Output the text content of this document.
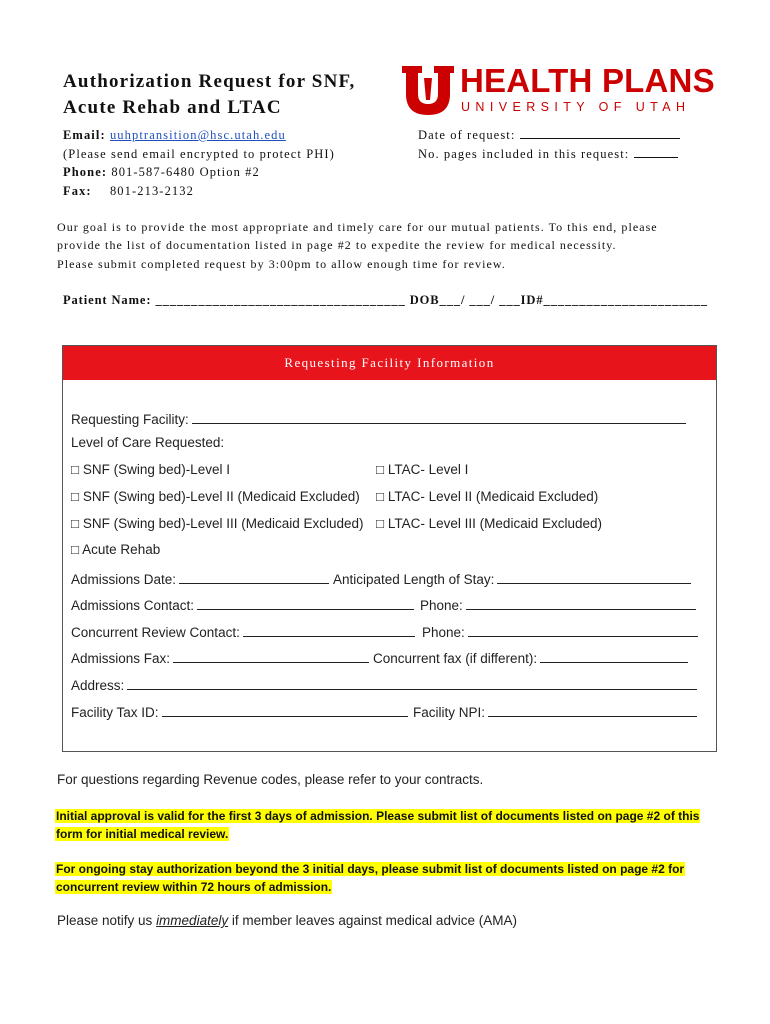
Authorization Request for SNF,
Acute Rehab and LTAC
HEALTH PLANS
UNIVERSITY OF UTAH
Email: uuhptransition@hsc.utah.edu
(Please send email encrypted to protect PHI)
Phone: 801-587-6480 Option #2
Fax: 801-213-2132
Date of request:
No. pages included in this request:
Our goal is to provide the most appropriate and timely care for our mutual patients. To this end, please
provide the list of documentation listed in page #2 to expedite the review for medical necessity.
Please submit completed request by 3:00pm to allow enough time for review.
Patient Name: ___________________________________ DOB___/ ___/ ___ID#_______________________
Requesting Facility Information
Requesting Facility:
Level of Care Requested:
□ SNF (Swing bed)-Level I	□ LTAC- Level I
□ SNF (Swing bed)-Level II (Medicaid Excluded) □ LTAC- Level II (Medicaid Excluded)
□ SNF (Swing bed)-Level III (Medicaid Excluded) □ LTAC- Level III (Medicaid Excluded)
□ Acute Rehab
Admissions Date:	Anticipated Length of Stay:
Admissions Contact:	Phone:
Concurrent Review Contact:	Phone:
Admissions Fax:	Concurrent fax (if different):
Address:
Facility Tax ID:	Facility NPI:
For questions regarding Revenue codes, please refer to your contracts.
Initial approval is valid for the first 3 days of admission. Please submit list of documents listed on page #2 of this
form for initial medical review.
For ongoing stay authorization beyond the 3 initial days, please submit list of documents listed on page #2 for
concurrent review within 72 hours of admission.
Please notify us immediately if member leaves against medical advice (AMA)
